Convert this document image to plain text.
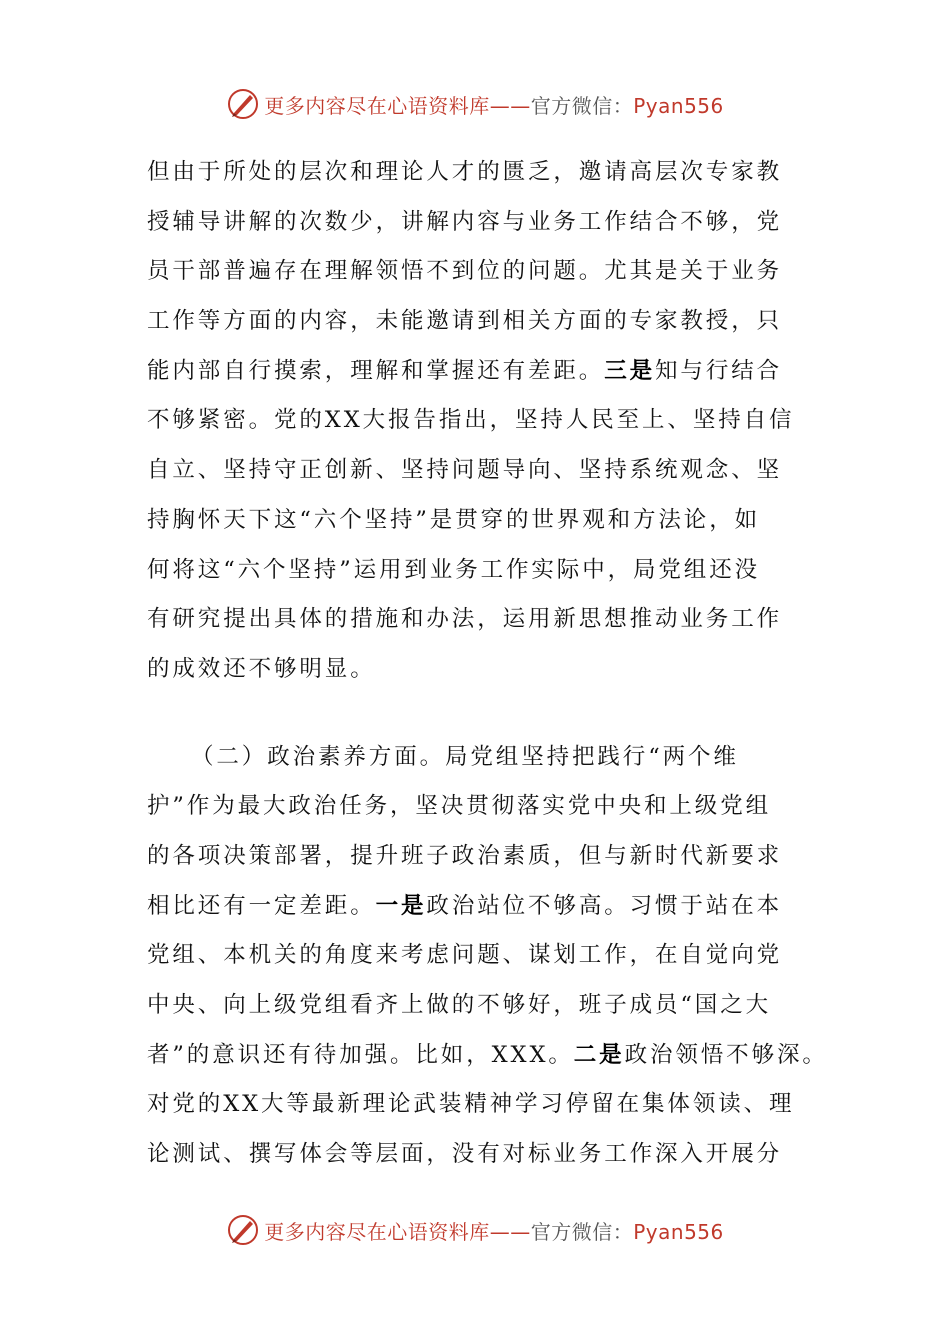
更多内容尽在心语资料库——官方微信：Pyan556
但由于所处的层次和理论人才的匮乏，邀请高层次专家教
授辅导讲解的次数少，讲解内容与业务工作结合不够，党
员干部普遍存在理解领悟不到位的问题。尤其是关于业务
工作等方面的内容，未能邀请到相关方面的专家教授，只
能内部自行摸索，理解和掌握还有差距。三是知与行结合
不够紧密。党的XX大报告指出，坚持人民至上、坚持自信
自立、坚持守正创新、坚持问题导向、坚持系统观念、坚
持胸怀天下这“六个坚持”是贯穿的世界观和方法论，如
何将这“六个坚持”运用到业务工作实际中，局党组还没
有研究提出具体的措施和办法，运用新思想推动业务工作
的成效还不够明显。
（二）政治素养方面。局党组坚持把践行“两个维
护”作为最大政治任务，坚决贯彻落实党中央和上级党组
的各项决策部署，提升班子政治素质，但与新时代新要求
相比还有一定差距。一是政治站位不够高。习惯于站在本
党组、本机关的角度来考虑问题、谋划工作，在自觉向党
中央、向上级党组看齐上做的不够好，班子成员“国之大
者”的意识还有待加强。比如，XXX。二是政治领悟不够深。
对党的XX大等最新理论武装精神学习停留在集体领读、理
论测试、撰写体会等层面，没有对标业务工作深入开展分
更多内容尽在心语资料库——官方微信：Pyan556
